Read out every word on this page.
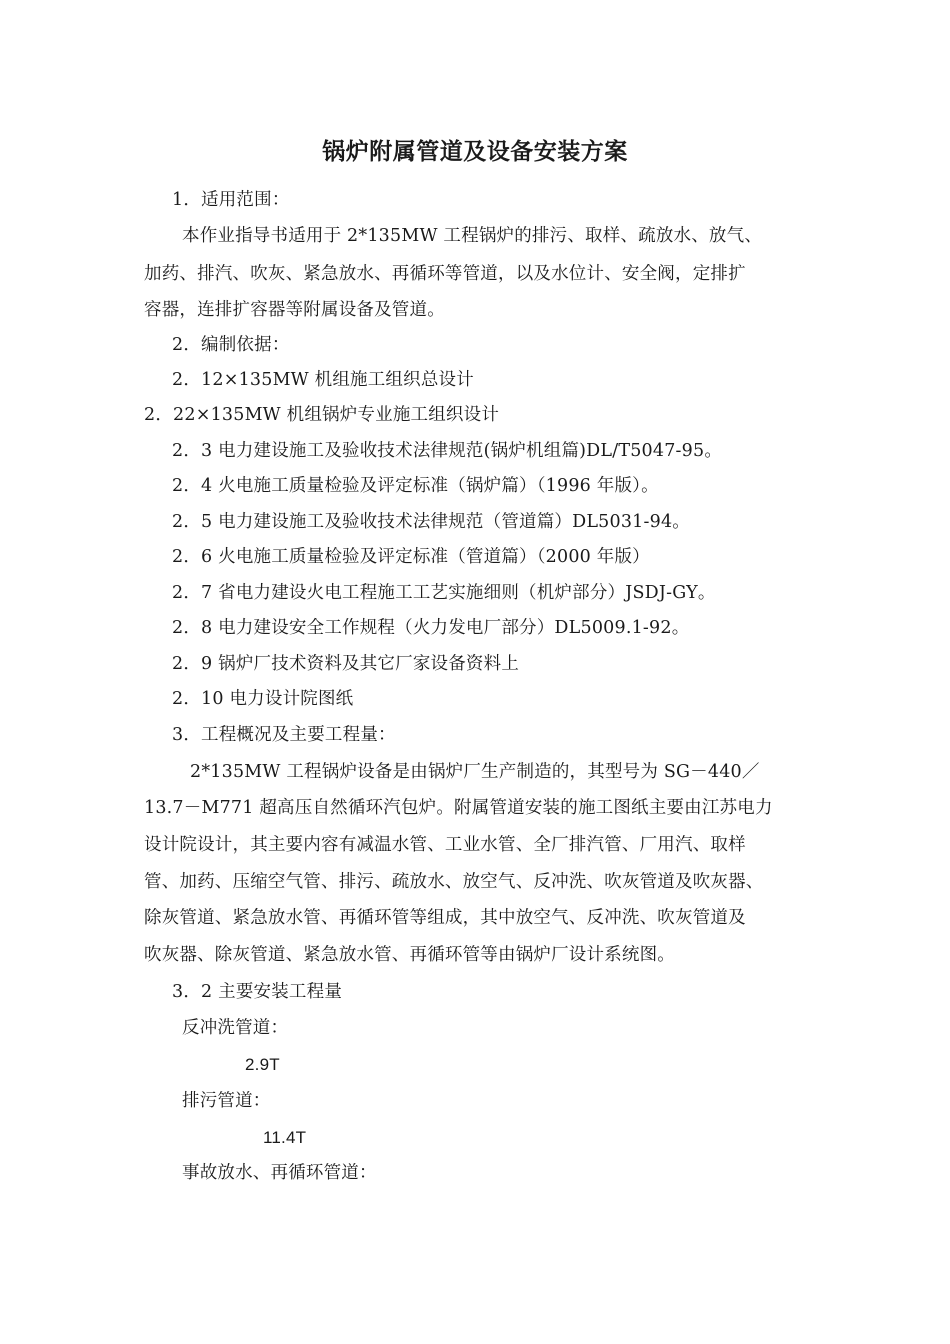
锅炉附属管道及设备安装方案
1．适用范围：
本作业指导书适用于 2*135MW 工程锅炉的排污、取样、疏放水、放气、
加药、排汽、吹灰、紧急放水、再循环等管道，以及水位计、安全阀，定排扩
容器，连排扩容器等附属设备及管道。
2．编制依据：
2．12×135MW 机组施工组织总设计
2．22×135MW 机组锅炉专业施工组织设计
2．3 电力建设施工及验收技术法律规范(锅炉机组篇)DL/T5047-95。
2．4 火电施工质量检验及评定标准（锅炉篇）（1996 年版）。
2．5 电力建设施工及验收技术法律规范（管道篇）DL5031-94。
2．6 火电施工质量检验及评定标准（管道篇）（2000 年版）
2．7 省电力建设火电工程施工工艺实施细则（机炉部分）JSDJ-GY。
2．8 电力建设安全工作规程（火力发电厂部分）DL5009.1-92。
2．9 锅炉厂技术资料及其它厂家设备资料上
2．10 电力设计院图纸
3．工程概况及主要工程量：
2*135MW 工程锅炉设备是由锅炉厂生产制造的，其型号为 SG－440／
13.7－M771 超高压自然循环汽包炉。附属管道安装的施工图纸主要由江苏电力
设计院设计，其主要内容有减温水管、工业水管、全厂排汽管、厂用汽、取样
管、加药、压缩空气管、排污、疏放水、放空气、反冲洗、吹灰管道及吹灰器、
除灰管道、紧急放水管、再循环管等组成，其中放空气、反冲洗、吹灰管道及
吹灰器、除灰管道、紧急放水管、再循环管等由锅炉厂设计系统图。
3．2 主要安装工程量
反冲洗管道：
2.9T
排污管道：
11.4T
事故放水、再循环管道：
